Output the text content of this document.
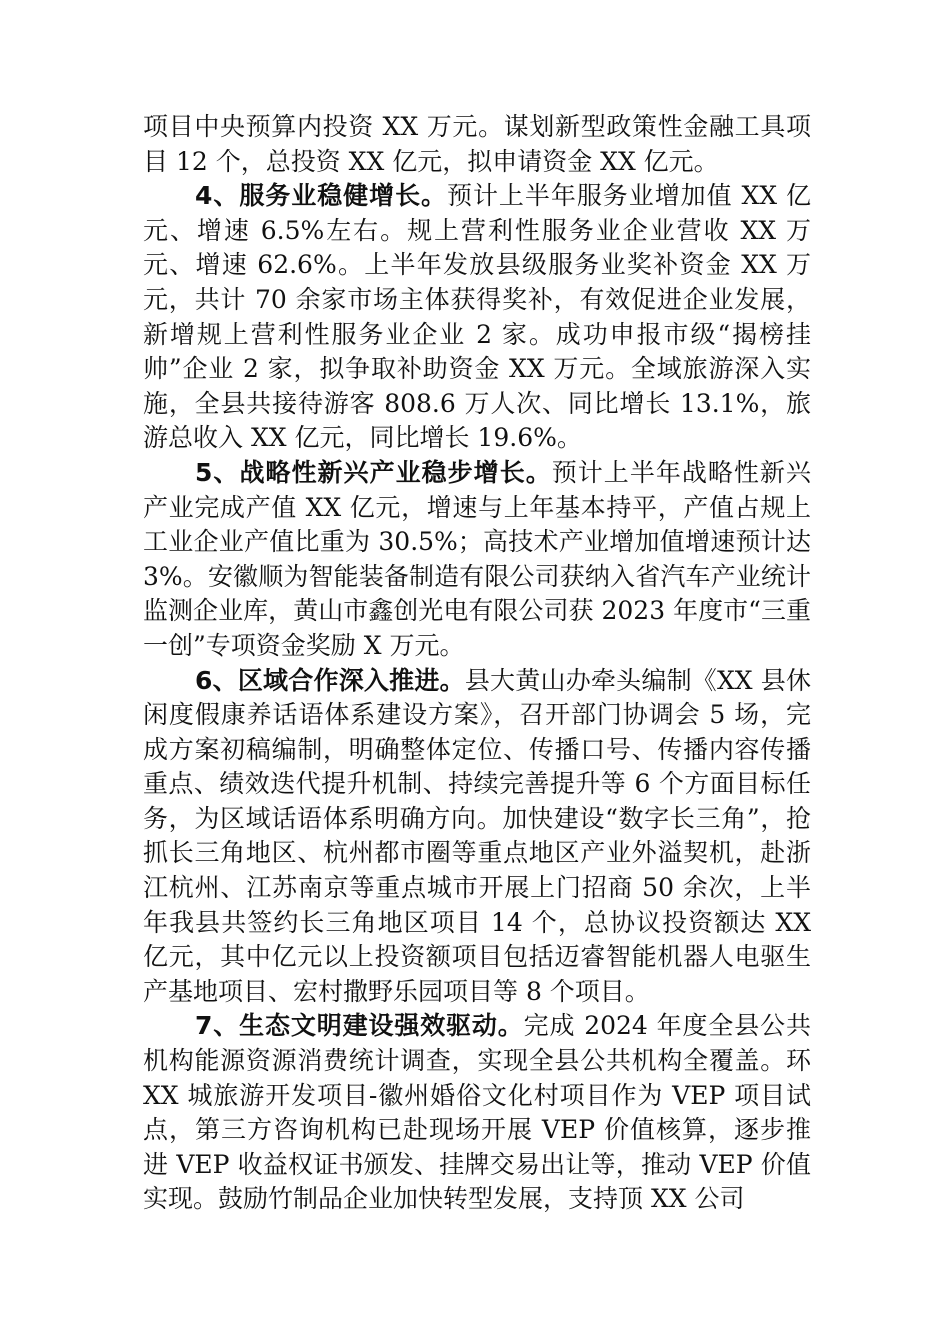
项目中央预算内投资 XX 万元。谋划新型政策性金融工具项目 12 个，总投资 XX 亿元，拟申请资金 XX 亿元。

4、服务业稳健增长。预计上半年服务业增加值 XX 亿元、增速 6.5%左右。规上营利性服务业企业营收 XX 万元、增速 62.6%。上半年发放县级服务业奖补资金 XX 万元，共计 70 余家市场主体获得奖补，有效促进企业发展，新增规上营利性服务业企业 2 家。成功申报市级“揭榜挂帅”企业 2 家，拟争取补助资金 XX 万元。全域旅游深入实施，全县共接待游客 808.6 万人次、同比增长 13.1%，旅游总收入 XX 亿元，同比增长 19.6%。

5、战略性新兴产业稳步增长。预计上半年战略性新兴产业完成产值 XX 亿元，增速与上年基本持平，产值占规上工业企业产值比重为 30.5%；高技术产业增加值增速预计达 3%。安徽顺为智能装备制造有限公司获纳入省汽车产业统计监测企业库，黄山市鑫创光电有限公司获 2023 年度市“三重一创”专项资金奖励 X 万元。

6、区域合作深入推进。县大黄山办牵头编制《XX 县休闲度假康养话语体系建设方案》，召开部门协调会 5 场，完成方案初稿编制，明确整体定位、传播口号、传播内容传播重点、绩效迭代提升机制、持续完善提升等 6 个方面目标任务，为区域话语体系明确方向。加快建设“数字长三角”，抢抓长三角地区、杭州都市圈等重点地区产业外溢契机，赴浙江杭州、江苏南京等重点城市开展上门招商 50 余次，上半年我县共签约长三角地区项目 14 个，总协议投资额达 XX 亿元，其中亿元以上投资额项目包括迈睿智能机器人电驱生产基地项目、宏村撒野乐园项目等 8 个项目。

7、生态文明建设强效驱动。完成 2024 年度全县公共机构能源资源消费统计调查，实现全县公共机构全覆盖。环 XX 城旅游开发项目-徽州婚俗文化村项目作为 VEP 项目试点，第三方咨询机构已赴现场开展 VEP 价值核算，逐步推进 VEP 收益权证书颁发、挂牌交易出让等，推动 VEP 价值实现。鼓励竹制品企业加快转型发展，支持顶 XX 公司
